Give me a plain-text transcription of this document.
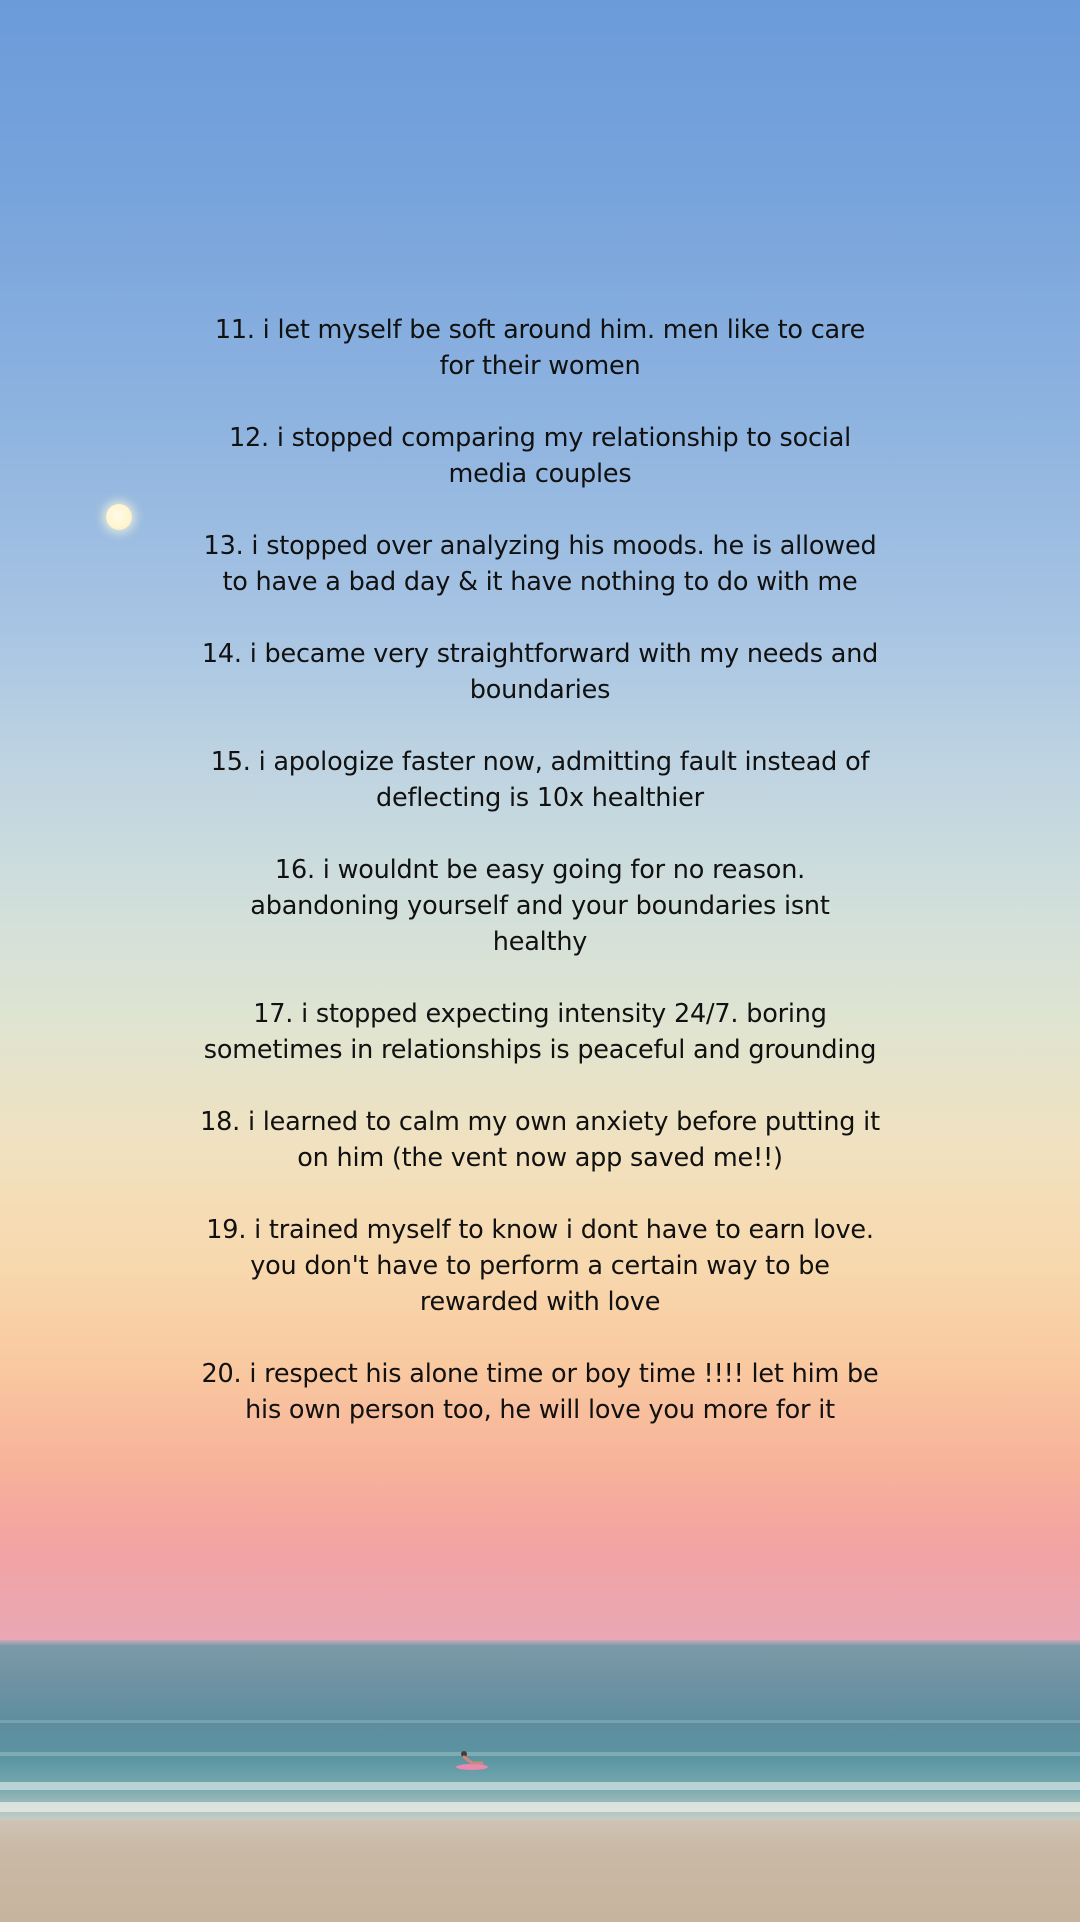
11. i let myself be soft around him. men like to care for their women

12. i stopped comparing my relationship to social media couples

13. i stopped over analyzing his moods. he is allowed to have a bad day & it have nothing to do with me

14. i became very straightforward with my needs and boundaries

15. i apologize faster now, admitting fault instead of deflecting is 10x healthier

16. i wouldnt be easy going for no reason. abandoning yourself and your boundaries isnt healthy

17. i stopped expecting intensity 24/7. boring sometimes in relationships is peaceful and grounding

18. i learned to calm my own anxiety before putting it on him (the vent now app saved me!!)

19. i trained myself to know i dont have to earn love. you don't have to perform a certain way to be rewarded with love

20. i respect his alone time or boy time !!!! let him be his own person too, he will love you more for it
